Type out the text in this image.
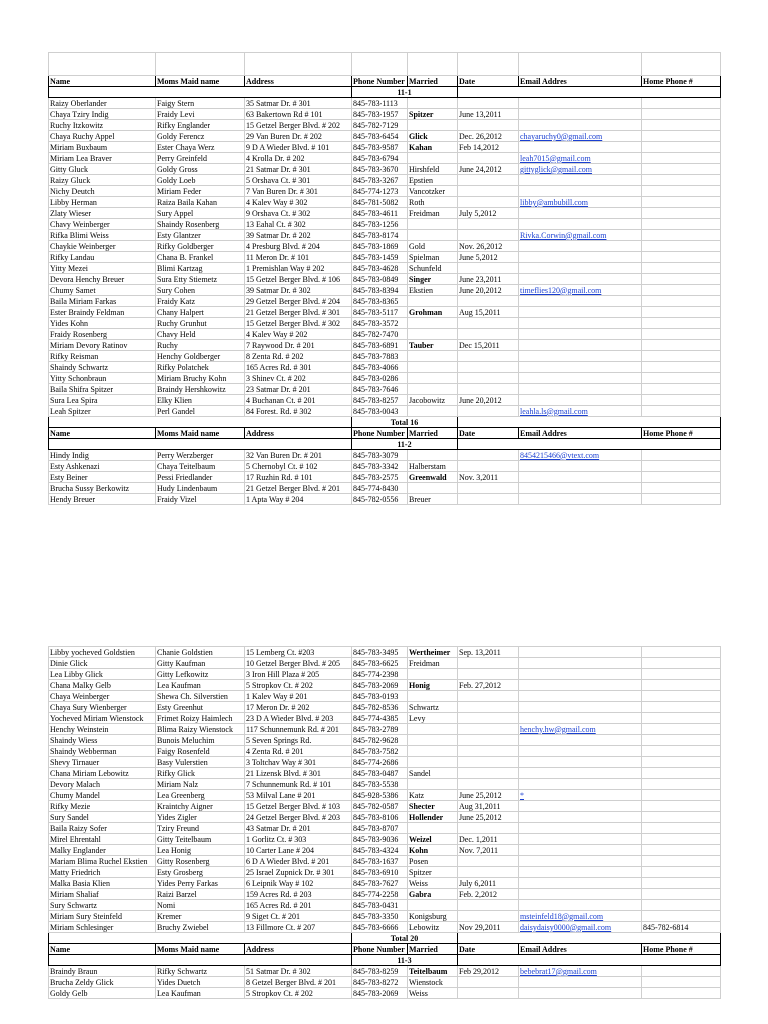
Name	Moms Maid name	Address	Phone Number	Married	Date	Email Addres	Home Phone #
			11-1				
Raizy Oberlander	Faigy Stern	35 Satmar Dr. # 301	845-783-1113				
Chaya Tziry Indig	Fraidy Levi	63 Bakertown Rd # 101	845-783-1957	Spitzer	June 13,2011		
Ruchy Itzkowitz	Rifky Englander	15 Getzel Berger Blvd. # 202	845-782-7129				
Chaya Ruchy Appel	Goldy Ferencz	29 Van Buren Dr. # 202	845-783-6454	Glick	Dec. 26,2012	chayaruchy0@gmail.com	
Miriam Buxbaum	Ester Chaya Werz	9 D A Wieder Blvd. # 101	845-783-9587	Kahan	Feb 14,2012		
Miriam Lea Braver	Perry Greinfeld	4 Krolla Dr. # 202	845-783-6794			leah7015@gmail.com	
Gitty Gluck	Goldy Gross	21 Satmar Dr. # 301	845-783-3670	Hirshfeld	June 24,2012	gittyglick@gmail.com	
Raizy Gluck	Goldy Loeb	5 Orshava Ct. # 301	845-783-3267	Epstien			
Nichy Deutch	Miriam Feder	7 Van Buren Dr. # 301	845-774-1273	Vancotzker			
Libby Herman	Raiza Baila Kahan	4 Kalev Way # 302	845-781-5082	Roth		libby@ambubill.com	
Zlaty Wieser	Sury Appel	9 Orshava Ct. # 302	845-783-4611	Freidman	July 5,2012		
Chavy Weinberger	Shaindy Rosenberg	13 Eahal Ct. # 302	845-783-1256				
Rifka Blimi Weiss	Esty Glantzer	39 Satmar Dr. # 202	845-783-8174			Rivka.Corwin@gmail.com	
Chaykie Weinberger	Rifky Goldberger	4 Presburg Blvd. # 204	845-783-1869	Gold	Nov. 26,2012		
Rifky Landau	Chana B. Frankel	11 Meron Dr. # 101	845-783-1459	Spielman	June 5,2012		
Yitty Mezei	Blimi Kartzag	1 Premishlan Way # 202	845-783-4628	Schunfeld			
Devora Henchy Breuer	Sura Etty Stiemetz	15 Getzel Berger Blvd. # 106	845-783-0849	Singer	June 23,2011		
Chumy Samet	Sury Cohen	39 Satmar Dr. # 302	845-783-8394	Ekstien	June 20,2012	timeflies120@gmail.com	
Baila Miriam Farkas	Fraidy Katz	29 Getzel Berger Blvd. # 204	845-783-8365				
Ester Braindy Feldman	Chany Halpert	21 Getzel Berger Blvd. # 301	845-783-5117	Grohman	Aug 15,2011		
Yides Kohn	Ruchy Grunhut	15 Getzel Berger Blvd. # 302	845-783-3572				
Fraidy Rosenberg	Chavy Held	4 Kalev Way # 202	845-782-7470				
Miriam Devory Ratinov	Ruchy	7 Raywood Dr. # 201	845-783-6891	Tauber	Dec 15,2011		
Rifky Reisman	Henchy Goldberger	8 Zenta Rd. # 202	845-783-7883				
Shaindy Schwartz	Rifky Polatchek	165 Acres Rd. # 301	845-783-4066				
Yitty Schonbraun	Miriam Bruchy Kohn	3 Shinev Ct. # 202	845-783-0286				
Baila Shifra Spitzer	Braindy Hershkowitz	23 Satmar Dr. # 201	845-783-7646				
Sura Lea Spira	Elky Klien	4 Buchanan Ct. # 201	845-783-8257	Jacobowitz	June 20,2012		
Leah Spitzer	Perl Gandel	84 Forest. Rd. # 302	845-783-0043			leahla.ls@gmail.com	
			Total 16				
Name	Moms Maid name	Address	Phone Number	Married	Date	Email Addres	Home Phone #
			11-2				
Hindy Indig	Perry Werzberger	32 Van Buren Dr. # 201	845-783-3079			8454215466@vtext.com	
Esty Ashkenazi	Chaya Teitelbaum	5 Chernobyl Ct. # 102	845-783-3342	Halberstam			
Esty Beiner	Pessi Friedlander	17 Ruzhin Rd. # 101	845-783-2575	Greenwald	Nov. 3,2011		
Brucha Sussy Berkowitz	Hudy Lindenbaum	21 Getzel Berger Blvd. # 201	845-774-8430				
Hendy Breuer	Fraidy Vizel	1 Apta Way # 204	845-782-0556	Breuer			
Libby yocheved Goldstien	Chanie Goldstien	15 Lemberg Ct. #203	845-783-3495	Wertheimer	Sep. 13,2011		
Dinie Glick	Gitty Kaufman	10 Getzel Berger Blvd. # 205	845-783-6625	Freidman			
Lea Libby Glick	Gitty Lefkowitz	3 Iron Hill Plaza # 205	845-774-2398				
Chana Malky Gelb	Lea Kaufman	5 Stropkov Ct. # 202	845-783-2069	Honig	Feb. 27,2012		
Chaya Weinberger	Shewa Ch. Silverstien	1 Kalev Way # 201	845-783-0193				
Chaya Sury Wienberger	Esty Greenhut	17 Meron Dr. # 202	845-782-8536	Schwartz			
Yocheved Miriam Wienstock	Frimet Roizy Haimlech	23 D A Wieder Blvd. # 203	845-774-4385	Levy			
Henchy Weinstein	Blima Raizy Wienstock	117 Schunnemunk Rd. # 201	845-783-2789			henchy.hw@gmail.com	
Shaindy Wiess	Bunois Meluchim	5 Seven Springs Rd.	845-782-9628				
Shaindy Webberman	Faigy Rosenfeld	4 Zenta Rd. # 201	845-783-7582				
Shevy Tirnauer	Basy Vulerstien	3 Toltchav Way # 301	845-774-2686				
Chana Miriam Lebowitz	Rifky Glick	21 Lizensk Blvd. # 301	845-783-0487	Sandel			
Devory Malach	Miriam Nalz	7 Schunnemunk Rd. # 101	845-783-5538				
Chumy Mandel	Lea Greenberg	53 Milval Lane # 201	845-928-5386	Katz	June 25,2012	*	
Rifky Mezie	Kraintchy Aigner	15 Getzel Berger Blvd. # 103	845-782-0587	Shecter	Aug 31,2011		
Sury Sandel	Yides Zigler	24 Getzel Berger Blvd. # 203	845-783-8106	Hollender	June 25,2012		
Baila Raizy Sofer	Tziry Freund	43 Satmar Dr. # 201	845-783-8707				
Mirel Ehrentahl	Gitty Teitelbaum	1 Gorlitz Ct. # 303	845-783-9036	Weizel	Dec. 1,2011		
Malky Englander	Lea Honig	10 Carter Lane # 204	845-783-4324	Kohn	Nov. 7,2011		
Mariam Blima Ruchel Ekstien	Gitty Rosenberg	6 D A Wieder Blvd. # 201	845-783-1637	Posen			
Matty Friedrich	Esty Grosberg	25 Israel Zupnick Dr. # 301	845-783-6910	Spitzer			
Malka Basia Klien	Yides Perry Farkas	6 Leipnik Way # 102	845-783-7627	Weiss	July 6,2011		
Miriam Shaliaf	Raizi Barzel	159 Acres Rd. # 203	845-774-2258	Gabra	Feb. 2,2012		
Sury Schwartz	Nomi	165 Acres Rd. # 201	845-783-0431				
Miriam Sury Steinfeld	Kremer	9 Siget Ct. # 201	845-783-3350	Konigsburg		msteinfeld18@gmail.com	
Miriam Schlesinger	Bruchy Zwiebel	13 Fillmore Ct. # 207	845-783-6666	Lebowitz	Nov 29,2011	daisydaisy0000@gmail.com	845-782-6814
			Total 20				
Name	Moms Maid name	Address	Phone Number	Married	Date	Email Addres	Home Phone #
			11-3				
Braindy Braun	Rifky Schwartz	51 Satmar Dr. # 302	845-783-8259	Teitelbaum	Feb 29,2012	bebebrat17@gmail.com	
Brucha Zeldy Glick	Yides Duetch	8 Getzel Berger Blvd. # 201	845-783-8272	Wienstock			
Goldy Gelb	Lea Kaufman	5 Stropkov Ct. # 202	845-783-2069	Weiss			
